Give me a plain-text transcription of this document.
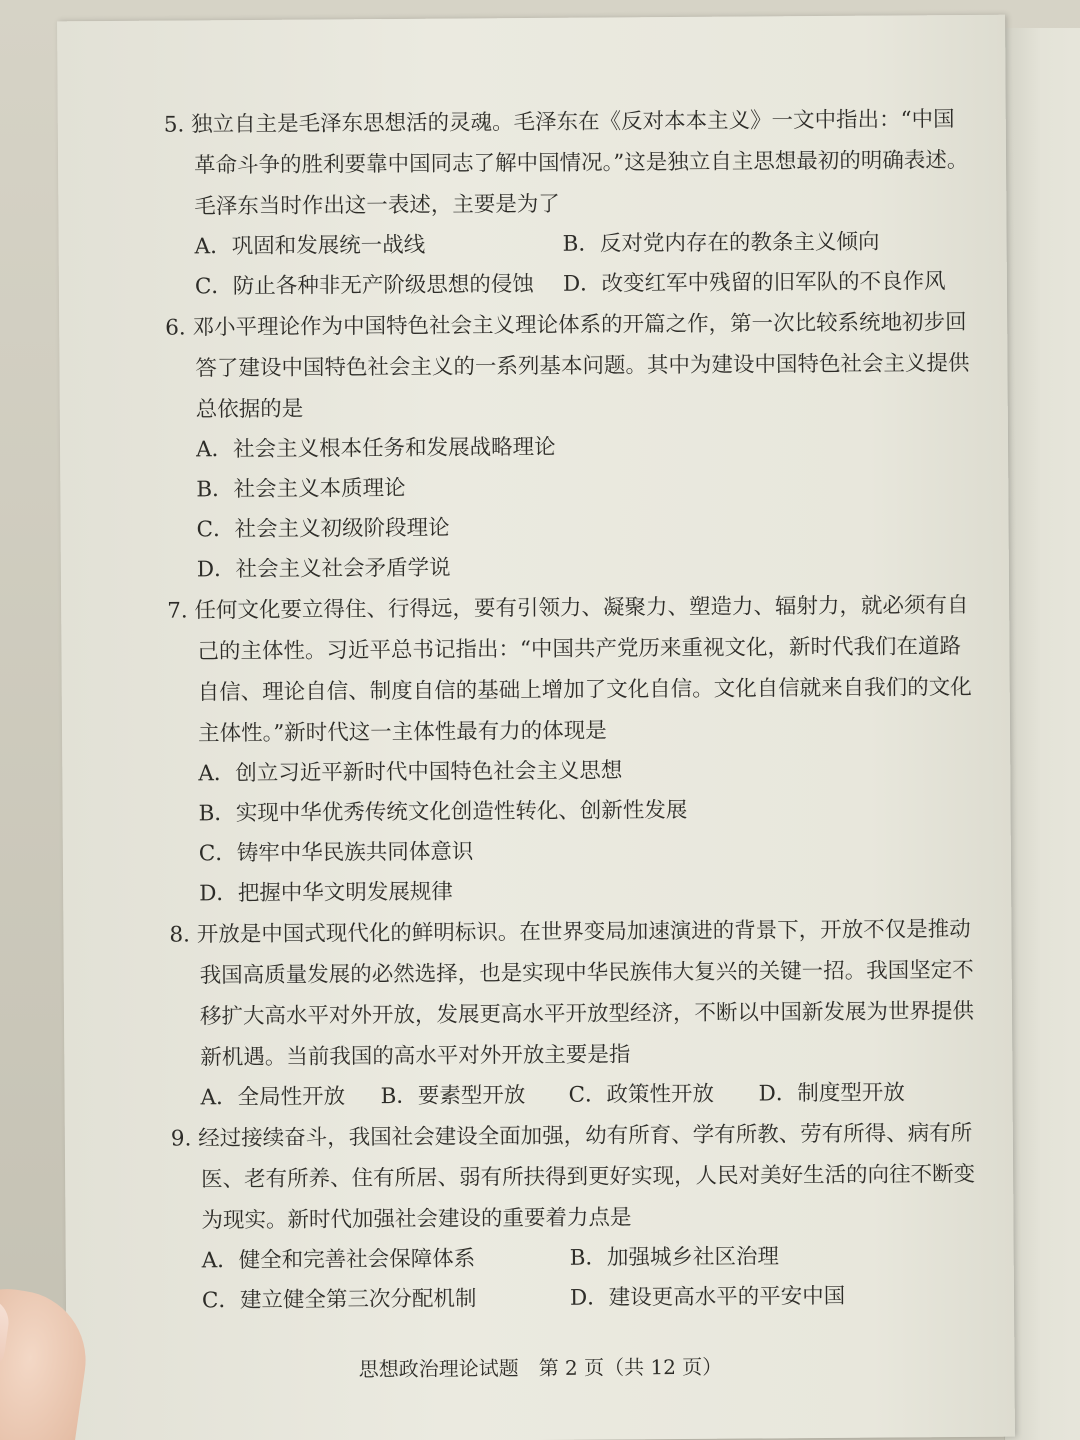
5. 独立自主是毛泽东思想活的灵魂。毛泽东在《反对本本主义》一文中指出：“中国
革命斗争的胜利要靠中国同志了解中国情况。”这是独立自主思想最初的明确表述。
毛泽东当时作出这一表述，主要是为了
A．巩固和发展统一战线	B．反对党内存在的教条主义倾向
C．防止各种非无产阶级思想的侵蚀 D．改变红军中残留的旧军队的不良作风
6. 邓小平理论作为中国特色社会主义理论体系的开篇之作，第一次比较系统地初步回
答了建设中国特色社会主义的一系列基本问题。其中为建设中国特色社会主义提供
总依据的是
A．社会主义根本任务和发展战略理论
B．社会主义本质理论
C．社会主义初级阶段理论
D．社会主义社会矛盾学说
7. 任何文化要立得住、行得远，要有引领力、凝聚力、塑造力、辐射力，就必须有自
己的主体性。习近平总书记指出：“中国共产党历来重视文化，新时代我们在道路
自信、理论自信、制度自信的基础上增加了文化自信。文化自信就来自我们的文化
主体性。”新时代这一主体性最有力的体现是
A．创立习近平新时代中国特色社会主义思想
B．实现中华优秀传统文化创造性转化、创新性发展
C．铸牢中华民族共同体意识
D．把握中华文明发展规律
8. 开放是中国式现代化的鲜明标识。在世界变局加速演进的背景下，开放不仅是推动
我国高质量发展的必然选择，也是实现中华民族伟大复兴的关键一招。我国坚定不
移扩大高水平对外开放，发展更高水平开放型经济，不断以中国新发展为世界提供
新机遇。当前我国的高水平对外开放主要是指
A．全局性开放 B．要素型开放 C．政策性开放 D．制度型开放
9. 经过接续奋斗，我国社会建设全面加强，幼有所育、学有所教、劳有所得、病有所
医、老有所养、住有所居、弱有所扶得到更好实现，人民对美好生活的向往不断变
为现实。新时代加强社会建设的重要着力点是
A．健全和完善社会保障体系	B．加强城乡社区治理
C．建立健全第三次分配机制	D．建设更高水平的平安中国
思想政治理论试题　第 2 页（共 12 页）
